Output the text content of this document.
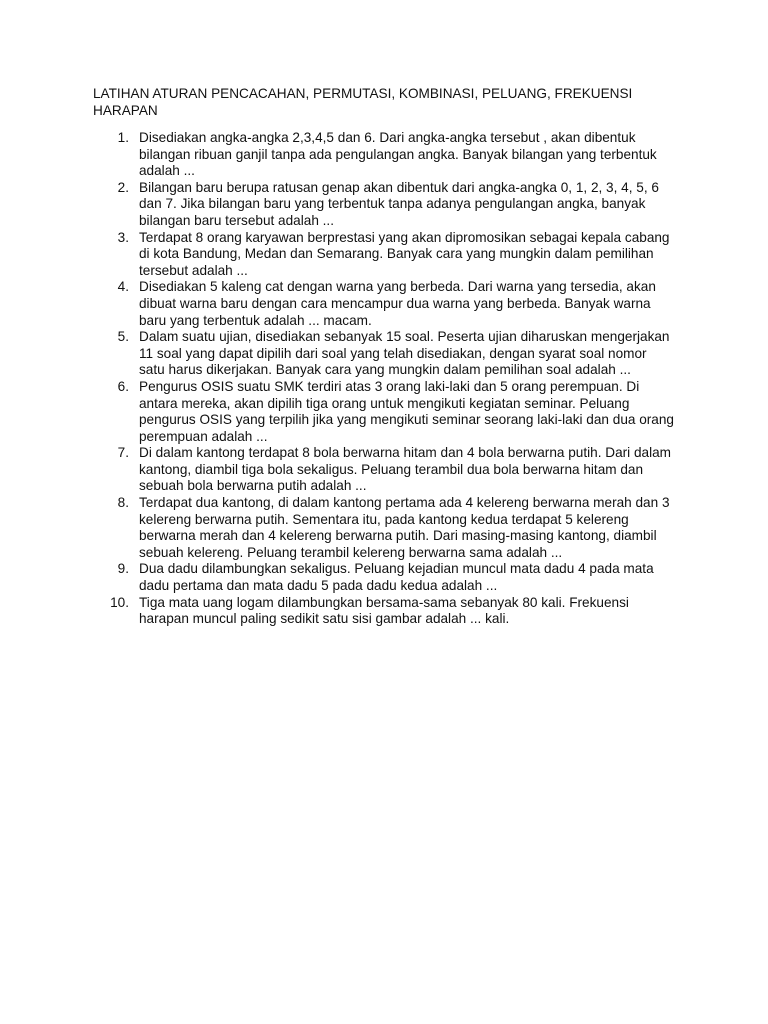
LATIHAN ATURAN PENCACAHAN, PERMUTASI, KOMBINASI, PELUANG, FREKUENSI HARAPAN
1. Disediakan angka-angka 2,3,4,5 dan 6. Dari angka-angka tersebut , akan dibentuk bilangan ribuan ganjil tanpa ada pengulangan angka. Banyak bilangan yang terbentuk adalah ...
2. Bilangan baru berupa ratusan genap akan dibentuk dari angka-angka 0, 1, 2, 3, 4, 5, 6 dan 7. Jika bilangan baru yang terbentuk tanpa adanya pengulangan angka, banyak bilangan baru tersebut adalah ...
3. Terdapat 8 orang karyawan berprestasi yang akan dipromosikan sebagai kepala cabang di kota Bandung, Medan dan Semarang. Banyak cara yang mungkin dalam pemilihan tersebut adalah ...
4. Disediakan 5 kaleng cat dengan warna yang berbeda. Dari warna yang tersedia, akan dibuat warna baru dengan cara mencampur dua warna yang berbeda. Banyak warna baru yang terbentuk adalah ... macam.
5. Dalam suatu ujian, disediakan sebanyak 15 soal. Peserta ujian diharuskan mengerjakan 11 soal yang dapat dipilih dari soal yang telah disediakan, dengan syarat soal nomor satu harus dikerjakan. Banyak cara yang mungkin dalam pemilihan soal adalah ...
6. Pengurus OSIS suatu SMK terdiri atas 3 orang laki-laki dan 5 orang perempuan. Di antara mereka, akan dipilih tiga orang untuk mengikuti kegiatan seminar. Peluang pengurus OSIS yang terpilih jika yang mengikuti seminar seorang laki-laki dan dua orang perempuan adalah ...
7. Di dalam kantong terdapat 8 bola berwarna hitam dan 4 bola berwarna putih. Dari dalam kantong, diambil tiga bola sekaligus. Peluang terambil dua bola berwarna hitam dan sebuah bola berwarna putih adalah ...
8. Terdapat dua kantong, di dalam kantong pertama ada 4 kelereng berwarna merah dan 3 kelereng berwarna putih. Sementara itu, pada kantong kedua terdapat 5 kelereng berwarna merah dan 4 kelereng berwarna putih. Dari masing-masing kantong, diambil sebuah kelereng. Peluang terambil kelereng berwarna sama adalah ...
9. Dua dadu dilambungkan sekaligus. Peluang kejadian muncul mata dadu 4 pada mata dadu pertama dan mata dadu 5 pada dadu kedua adalah ...
10. Tiga mata uang logam dilambungkan bersama-sama sebanyak 80 kali. Frekuensi harapan muncul paling sedikit satu sisi gambar adalah ... kali.
